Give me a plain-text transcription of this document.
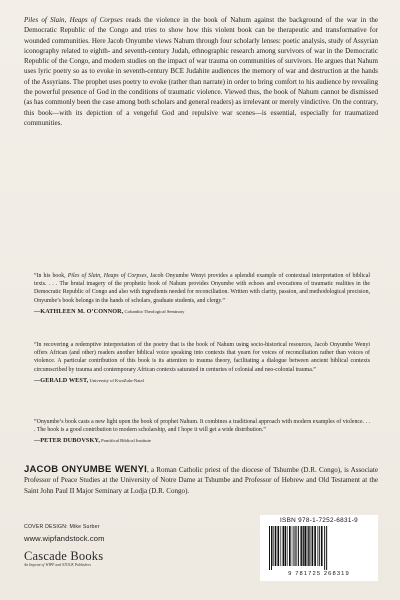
Piles of Slain, Heaps of Corpses reads the violence in the book of Nahum against the background of the war in the Democratic Republic of the Congo and tries to show how this violent book can be therapeutic and transformative for wounded communities. Here Jacob Onyumbe views Nahum through four scholarly lenses: poetic analysis, study of Assyrian iconography related to eighth- and seventh-century Judah, ethnographic research among survivors of war in the Democratic Republic of the Congo, and modern studies on the impact of war trauma on communities of survivors. He argues that Nahum uses lyric poetry so as to evoke in seventh-century BCE Judahite audiences the memory of war and destruction at the hands of the Assyrians. The prophet uses poetry to evoke (rather than narrate) in order to bring comfort to his audience by revealing the powerful presence of God in the conditions of traumatic violence. Viewed thus, the book of Nahum cannot be dismissed (as has commonly been the case among both scholars and general readers) as irrelevant or merely vindictive. On the contrary, this book—with its depiction of a vengeful God and repulsive war scenes—is essential, especially for traumatized communities.

“In his book, Piles of Slain, Heaps of Corpses, Jacob Onyumbe Wenyi provides a splendid example of contextual interpretation of biblical texts. . . . The brutal imagery of the prophetic book of Nahum provides Onyumbe with echoes and evocations of traumatic realities in the Democratic Republic of Congo and also with ingredients needed for reconciliation. Written with clarity, passion, and methodological precision, Onyumbe’s book belongs in the hands of scholars, graduate students, and clergy.”

—KATHLEEN M. O’CONNOR, Columbia Theological Seminary

“In recovering a redemptive interpretation of the poetry that is the book of Nahum using socio-historical resources, Jacob Onyumbe Wenyi offers African (and other) readers another biblical voice speaking into contexts that yearn for voices of reconciliation rather than voices of violence. A particular contribution of this book is its attention to trauma theory, facilitating a dialogue between ancient biblical contexts circumscribed by trauma and contemporary African contexts saturated in centuries of colonial and neo-colonial trauma.”

—GERALD WEST, University of KwaZulu-Natal

“Onyumbe’s book casts a new light upon the book of prophet Nahum. It combines a traditional approach with modern examples of violence. . . . The book is a good contribution to modern scholarship, and I hope it will get a wide distribution.”

—PETER DUBOVSKY, Pontifical Biblical Institute

JACOB ONYUMBE WENYI, a Roman Catholic priest of the diocese of Tshumbe (D.R. Congo), is Associate Professor of Peace Studies at the University of Notre Dame at Tshumbe and Professor of Hebrew and Old Testament at the Saint John Paul II Major Seminary at Lodja (D.R. Congo).

COVER DESIGN: Mike Surber
www.wipfandstock.com
Cascade Books
An Imprint of WIPF and STOCK Publishers
ISBN 978-1-7252-6831-9
9 781725 268319
